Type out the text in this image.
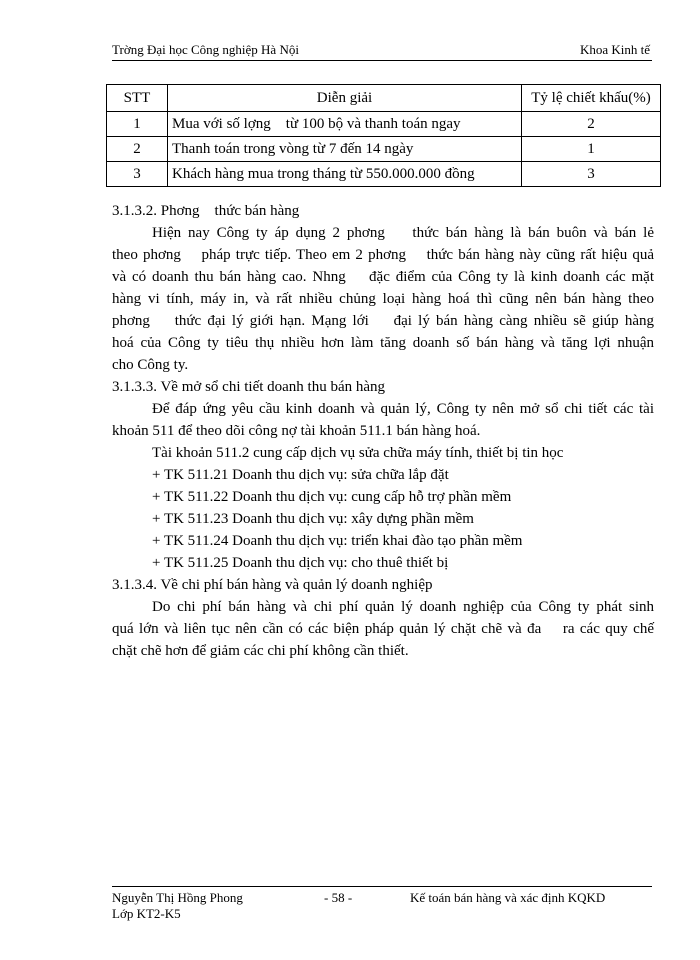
Trờng Đại học Công nghiệp Hà Nội	Khoa Kinh tế
STT	Diễn giải	Tỷ lệ chiết khấu(%)
1	Mua với số lợng    từ 100 bộ và thanh toán ngay	2
2	Thanh toán trong vòng từ 7 đến 14 ngày	1
3	Khách hàng mua trong tháng từ 550.000.000 đồng	3
3.1.3.2. Phơng    thức bán hàng
Hiện nay Công ty áp dụng 2 phơng    thức bán hàng là bán buôn và bán lẻ
theo phơng    pháp trực tiếp. Theo em 2 phơng    thức bán hàng này cũng rất hiệu quả
và có doanh thu bán hàng cao. Nhng    đặc điểm của Công ty là kinh doanh các mặt
hàng vi tính, máy in, và rất nhiều chủng loại hàng hoá thì cũng nên bán hàng theo
phơng    thức đại lý giới hạn. Mạng lới    đại lý bán hàng càng nhiều sẽ giúp hàng
hoá của Công ty tiêu thụ nhiều hơn làm tăng doanh số bán hàng và tăng lợi nhuận
cho Công ty.
3.1.3.3. Về mở sổ chi tiết doanh thu bán hàng
Để đáp ứng yêu cầu kinh doanh và quản lý, Công ty nên mở sổ chi tiết các tài
khoản 511 để theo dõi công nợ tài khoản 511.1 bán hàng hoá.
Tài khoản 511.2 cung cấp dịch vụ sửa chữa máy tính, thiết bị tin học
+ TK 511.21 Doanh thu dịch vụ: sửa chữa lắp đặt
+ TK 511.22 Doanh thu dịch vụ: cung cấp hỗ trợ phần mềm
+ TK 511.23 Doanh thu dịch vụ: xây dựng phần mềm
+ TK 511.24 Doanh thu dịch vụ: triển khai đào tạo phần mềm
+ TK 511.25 Doanh thu dịch vụ: cho thuê thiết bị
3.1.3.4. Về chi phí bán hàng và quản lý doanh nghiệp
Do chi phí bán hàng và chi phí quản lý doanh nghiệp của Công ty phát sinh
quá lớn và liên tục nên cần có các biện pháp quản lý chặt chẽ và đa    ra các quy chế
chặt chẽ hơn để giảm các chi phí không cần thiết.
Nguyễn Thị Hồng Phong
Lớp KT2-K5
- 58 -	Kế toán bán hàng và xác định KQKD
